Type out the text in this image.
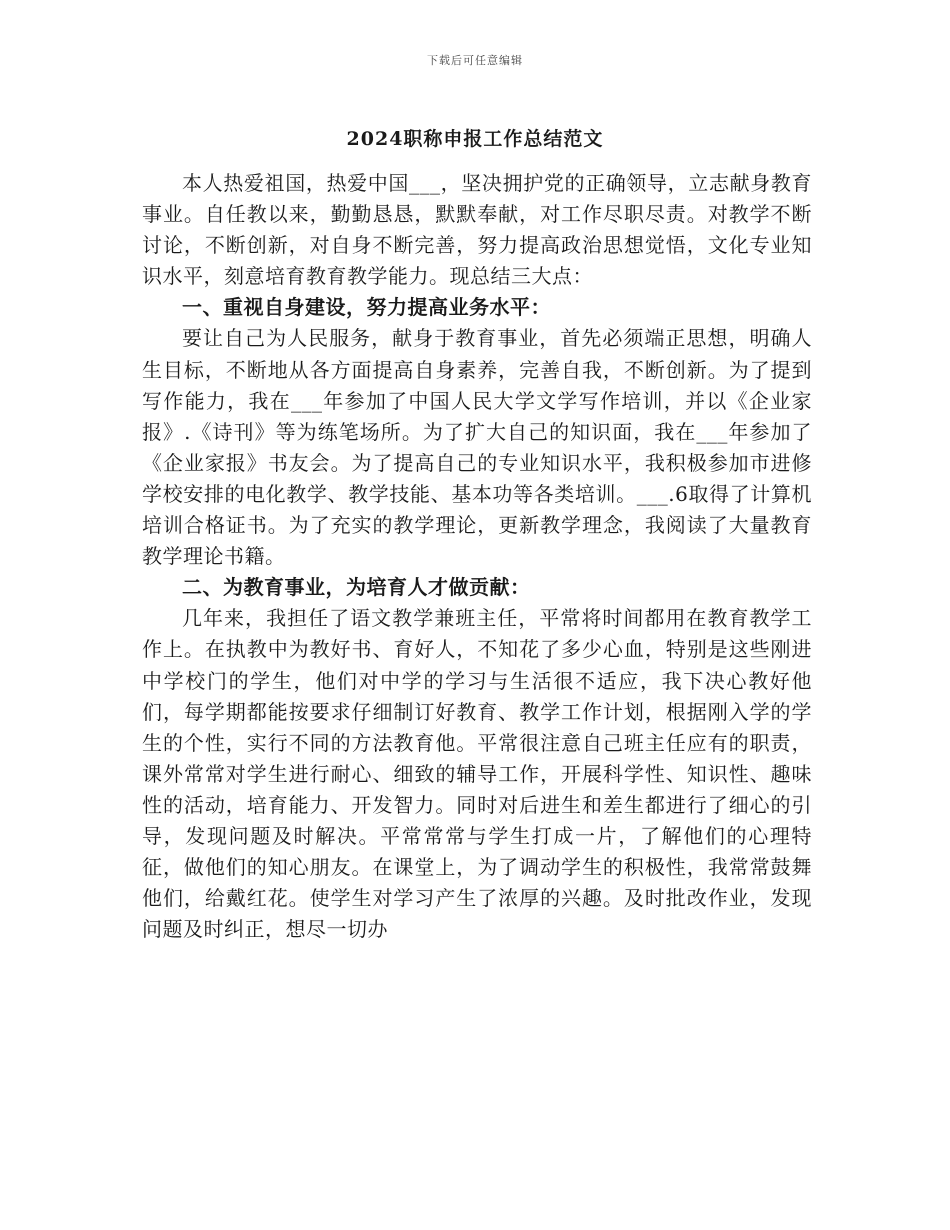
下载后可任意编辑
2024职称申报工作总结范文

本人热爱祖国，热爱中国___，坚决拥护党的正确领导，立志献身教育事业。自任教以来，勤勤恳恳，默默奉献，对工作尽职尽责。对教学不断讨论，不断创新，对自身不断完善，努力提高政治思想觉悟，文化专业知识水平，刻意培育教育教学能力。现总结三大点：

一、重视自身建设，努力提高业务水平：

要让自己为人民服务，献身于教育事业，首先必须端正思想，明确人生目标，不断地从各方面提高自身素养，完善自我，不断创新。为了提到写作能力，我在___年参加了中国人民大学文学写作培训，并以《企业家报》.《诗刊》等为练笔场所。为了扩大自己的知识面，我在___年参加了《企业家报》书友会。为了提高自己的专业知识水平，我积极参加市进修学校安排的电化教学、教学技能、基本功等各类培训。___.6取得了计算机培训合格证书。为了充实的教学理论，更新教学理念，我阅读了大量教育教学理论书籍。

二、为教育事业，为培育人才做贡献：

几年来，我担任了语文教学兼班主任，平常将时间都用在教育教学工作上。在执教中为教好书、育好人，不知花了多少心血，特别是这些刚进中学校门的学生，他们对中学的学习与生活很不适应，我下决心教好他们，每学期都能按要求仔细制订好教育、教学工作计划，根据刚入学的学生的个性，实行不同的方法教育他。平常很注意自己班主任应有的职责，课外常常对学生进行耐心、细致的辅导工作，开展科学性、知识性、趣味性的活动，培育能力、开发智力。同时对后进生和差生都进行了细心的引导，发现问题及时解决。平常常常与学生打成一片，了解他们的心理特征，做他们的知心朋友。在课堂上，为了调动学生的积极性，我常常鼓舞他们，给戴红花。使学生对学习产生了浓厚的兴趣。及时批改作业，发现问题及时纠正，想尽一切办
